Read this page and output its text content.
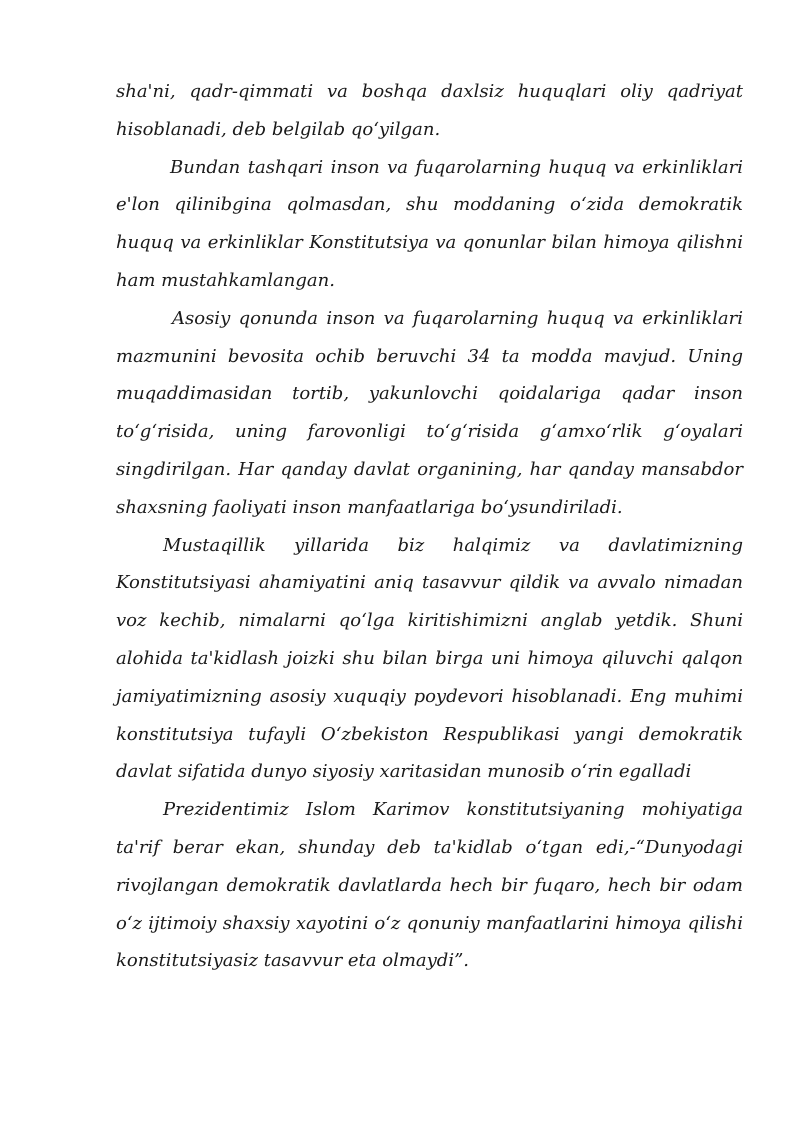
sha'ni, qadr-qimmati va boshqa daxlsiz huquqlari oliy qadriyat hisoblanadi, deb belgilab qo‘yilgan.

Bundan tashqari inson va fuqarolarning huquq va erkinliklari e'lon qilinibgina qolmasdan, shu moddaning o‘zida demokratik huquq va erkinliklar Konstitutsiya va qonunlar bilan himoya qilishni ham mustahkamlangan.

Asosiy qonunda inson va fuqarolarning huquq va erkinliklari mazmunini bevosita ochib beruvchi 34 ta modda mavjud. Uning muqaddimasidan tortib, yakunlovchi qoidalariga qadar inson to‘g‘risida, uning farovonligi to‘g‘risida g‘amxo‘rlik g‘oyalari singdirilgan. Har qanday davlat organining, har qanday mansabdor shaxsning faoliyati inson manfaatlariga bo‘ysundiriladi.

Mustaqillik yillarida biz halqimiz va davlatimizning Konstitutsiyasi ahamiyatini aniq tasavvur qildik va avvalo nimadan voz kechib, nimalarni qo‘lga kiritishimizni anglab yetdik. Shuni alohida ta'kidlash joizki shu bilan birga uni himoya qiluvchi qalqon jamiyatimizning asosiy xuquqiy poydevori hisoblanadi. Eng muhimi konstitutsiya tufayli O‘zbekiston Respublikasi yangi demokratik davlat sifatida dunyo siyosiy xaritasidan munosib o‘rin egalladi

Prezidentimiz Islom Karimov konstitutsiyaning mohiyatiga ta'rif berar ekan, shunday deb ta'kidlab o‘tgan edi,-“Dunyodagi rivojlangan demokratik davlatlarda hech bir fuqaro, hech bir odam o‘z ijtimoiy shaxsiy xayotini o‘z qonuniy manfaatlarini himoya qilishi konstitutsiyasiz tasavvur eta olmaydi”.
